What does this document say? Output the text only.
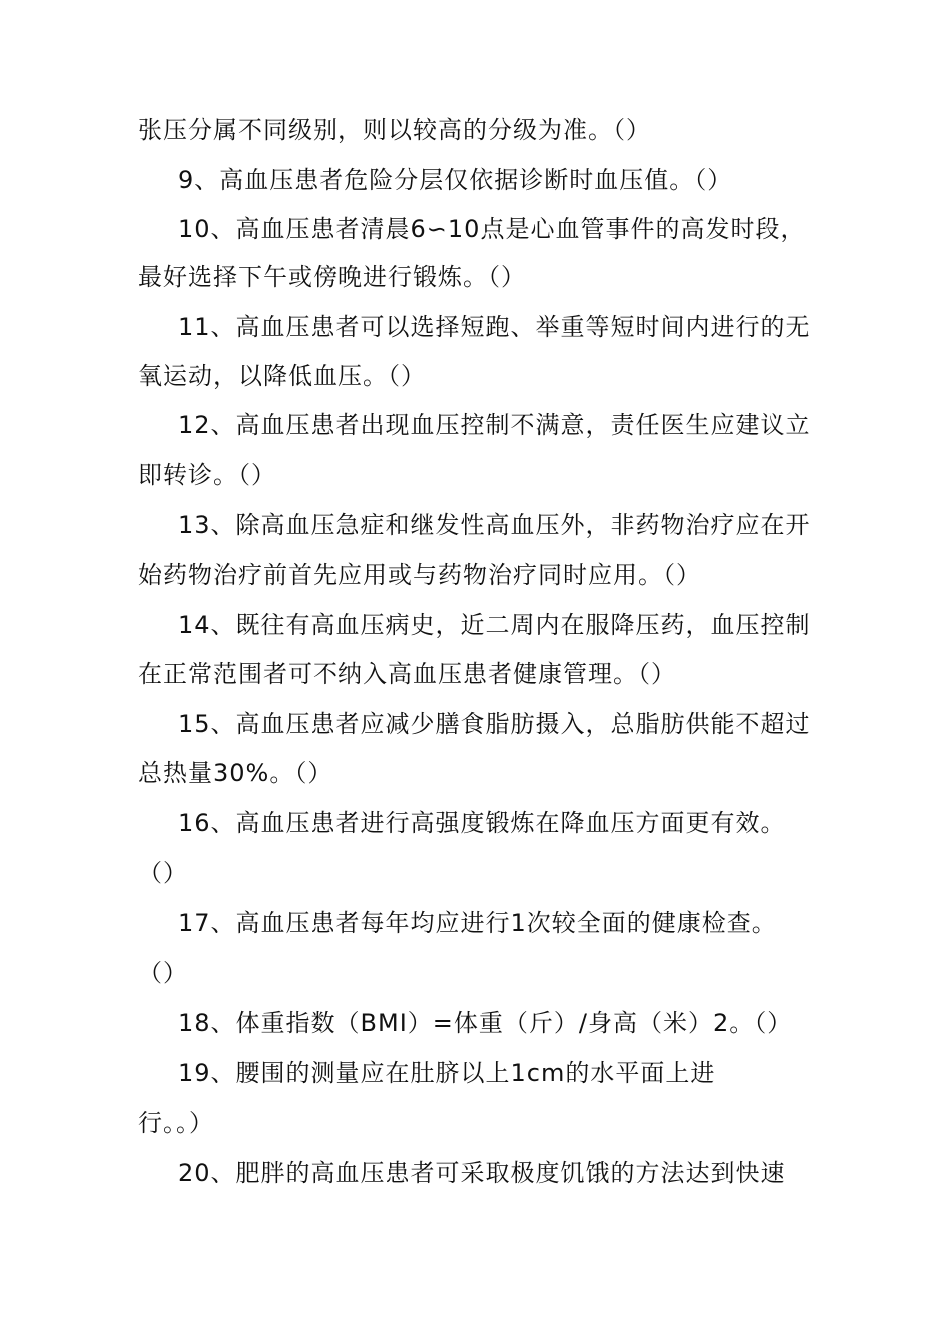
张压分属不同级别，则以较高的分级为准。（）
9、高血压患者危险分层仅依据诊断时血压值。（）
10、高血压患者清晨6∽10点是心血管事件的高发时段，
最好选择下午或傍晚进行锻炼。（）
11、高血压患者可以选择短跑、举重等短时间内进行的无
氧运动，以降低血压。（）
12、高血压患者出现血压控制不满意，责任医生应建议立
即转诊。（）
13、除高血压急症和继发性高血压外，非药物治疗应在开
始药物治疗前首先应用或与药物治疗同时应用。（）
14、既往有高血压病史，近二周内在服降压药，血压控制
在正常范围者可不纳入高血压患者健康管理。（）
15、高血压患者应减少膳食脂肪摄入，总脂肪供能不超过
总热量30%。（）
16、高血压患者进行高强度锻炼在降血压方面更有效。
（）
17、高血压患者每年均应进行1次较全面的健康检查。
（）
18、体重指数（BMI）=体重（斤）/身高（米）2。（）
19、腰围的测量应在肚脐以上1cm的水平面上进
行。。）
20、肥胖的高血压患者可采取极度饥饿的方法达到快速
